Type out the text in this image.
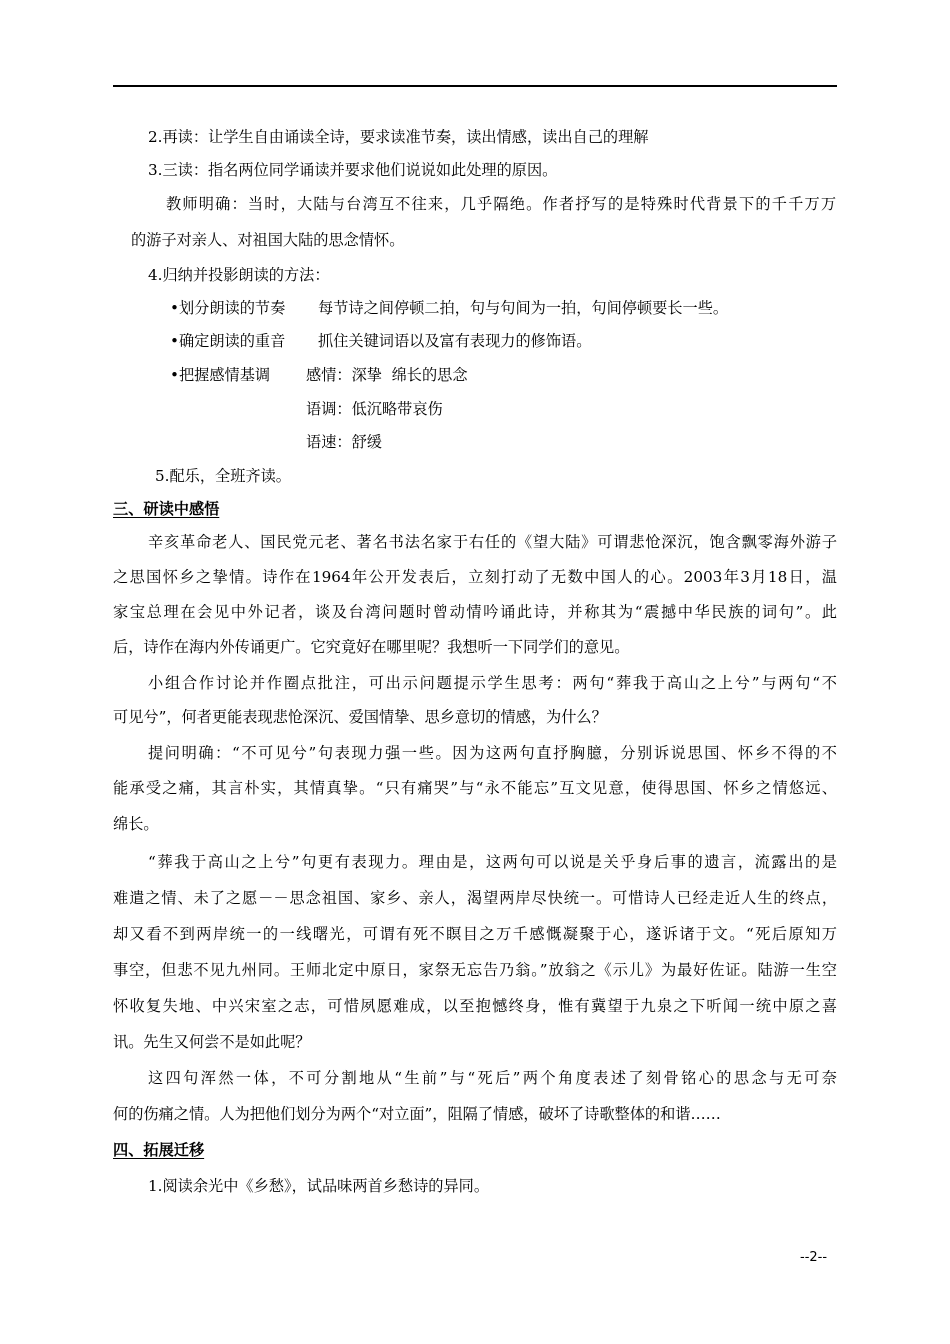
2.再读：让学生自由诵读全诗，要求读准节奏，读出情感，读出自己的理解
3.三读：指名两位同学诵读并要求他们说说如此处理的原因。
教师明确：当时，大陆与台湾互不往来，几乎隔绝。作者抒写的是特殊时代背景下的千千万万
的游子对亲人、对祖国大陆的思念情怀。
4.归纳并投影朗读的方法：
•划分朗读的节奏 每节诗之间停顿二拍，句与句间为一拍，句间停顿要长一些。
•确定朗读的重音 抓住关键词语以及富有表现力的修饰语。
•把握感情基调 感情：深挚  绵长的思念
语调：低沉略带哀伤
语速：舒缓
5.配乐，全班齐读。
三、研读中感悟
辛亥革命老人、国民党元老、著名书法名家于右任的《望大陆》可谓悲怆深沉，饱含飘零海外游子
之思国怀乡之挚情。诗作在1964年公开发表后，立刻打动了无数中国人的心。2003年3月18日，温
家宝总理在会见中外记者，谈及台湾问题时曾动情吟诵此诗，并称其为“震撼中华民族的词句”。此
后，诗作在海内外传诵更广。它究竟好在哪里呢？我想听一下同学们的意见。
小组合作讨论并作圈点批注，可出示问题提示学生思考：两句“葬我于高山之上兮”与两句“不
可见兮”，何者更能表现悲怆深沉、爱国情挚、思乡意切的情感，为什么？
提问明确：“不可见兮”句表现力强一些。因为这两句直抒胸臆，分别诉说思国、怀乡不得的不
能承受之痛，其言朴实，其情真挚。“只有痛哭”与“永不能忘”互文见意，使得思国、怀乡之情悠远、
绵长。
“葬我于高山之上兮”句更有表现力。理由是，这两句可以说是关乎身后事的遗言，流露出的是
难遣之情、未了之愿－－思念祖国、家乡、亲人，渴望两岸尽快统一。可惜诗人已经走近人生的终点，
却又看不到两岸统一的一线曙光，可谓有死不瞑目之万千感慨凝聚于心，遂诉诸于文。“死后原知万
事空，但悲不见九州同。王师北定中原日，家祭无忘告乃翁。”放翁之《示儿》为最好佐证。陆游一生空
怀收复失地、中兴宋室之志，可惜夙愿难成，以至抱憾终身，惟有冀望于九泉之下听闻一统中原之喜
讯。先生又何尝不是如此呢？
这四句浑然一体，不可分割地从“生前”与“死后”两个角度表述了刻骨铭心的思念与无可奈
何的伤痛之情。人为把他们划分为两个“对立面”，阻隔了情感，破坏了诗歌整体的和谐……
四、拓展迁移
1.阅读余光中《乡愁》，试品味两首乡愁诗的异同。
--2--
